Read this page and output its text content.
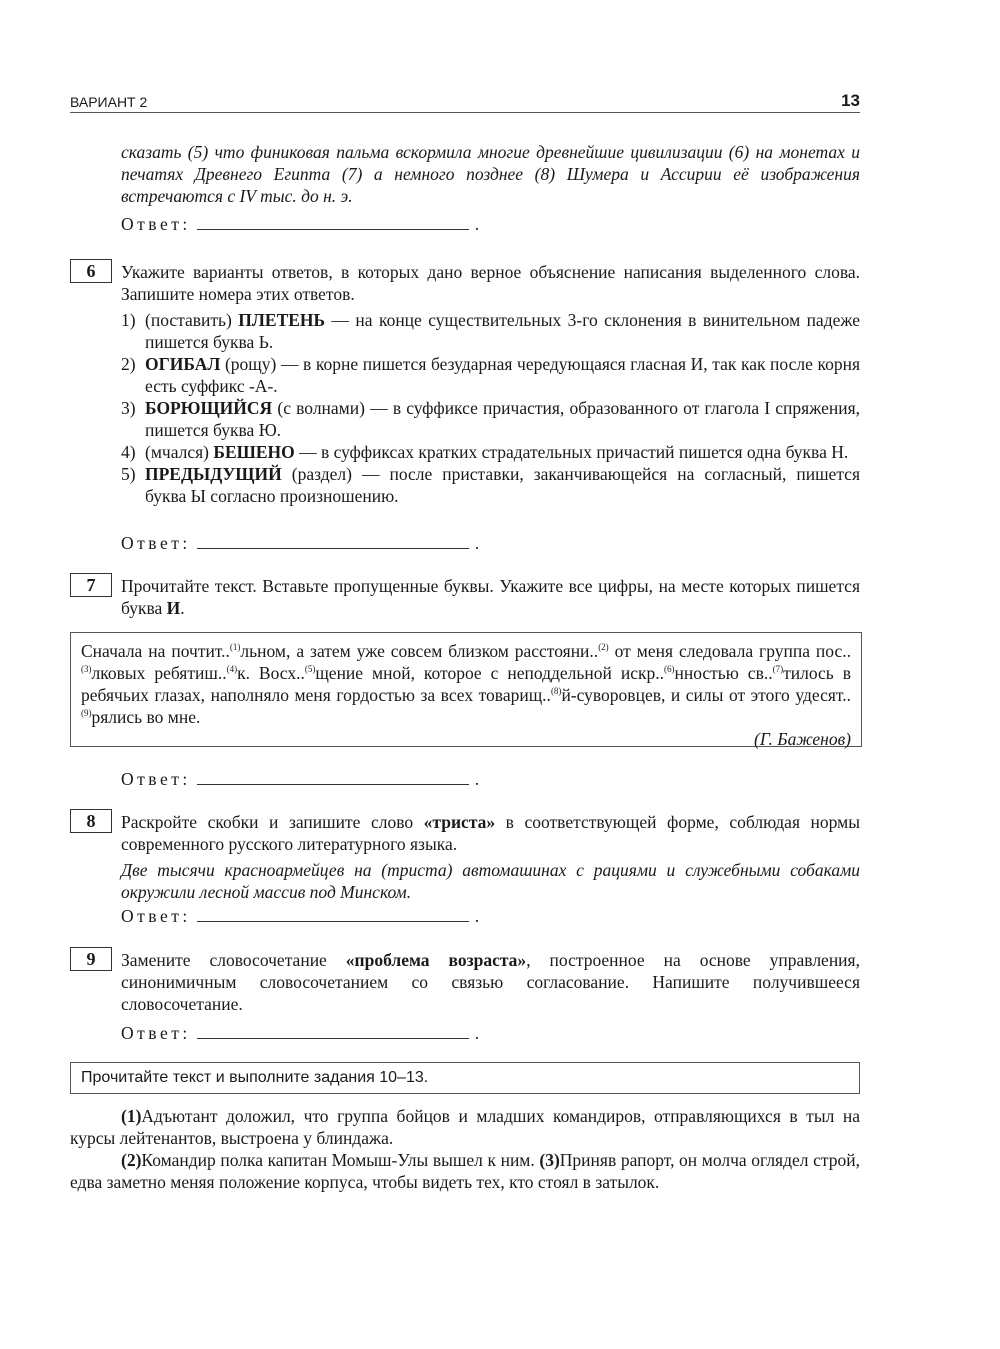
ВАРИАНТ 2	13
сказать (5) что финиковая пальма вскормила многие древнейшие цивилизации (6) на монетах и печатях Древнего Египта (7) а немного позднее (8) Шумера и Ассирии её изображения встречаются с IV тыс. до н. э.
Ответ:	.
6	Укажите варианты ответов, в которых дано верное объяснение написания выделенного слова. Запишите номера этих ответов.
1) (поставить) ПЛЕТЕНЬ — на конце существительных 3-го склонения в винительном падеже пишется буква Ь.
2) ОГИБАЛ (рощу) — в корне пишется безударная чередующаяся гласная И, так как после корня есть суффикс -А-.
3) БОРЮЩИЙСЯ (с волнами) — в суффиксе причастия, образованного от глагола I спряжения, пишется буква Ю.
4) (мчался) БЕШЕНО — в суффиксах кратких страдательных причастий пишется одна буква Н.
5) ПРЕДЫДУЩИЙ (раздел) — после приставки, заканчивающейся на согласный, пишется буква Ы согласно произношению.
Ответ:	.
7	Прочитайте текст. Вставьте пропущенные буквы. Укажите все цифры, на месте которых пишется буква И.
Сначала на почтит..$^{(1)}$льном, а затем уже совсем близком расстояни..$^{(2)}$ от меня следовала группа пос..$^{(3)}$лковых ребятиш..$^{(4)}$к. Восх..$^{(5)}$щение мной, которое с неподдельной искр..$^{(6)}$нностью св..$^{(7)}$тилось в ребячьих глазах, наполняло меня гордостью за всех товарищ..$^{(8)}$й-суворовцев, и силы от этого удесят..$^{(9)}$рялись во мне.
(Г. Баженов)
Ответ:	.
8	Раскройте скобки и запишите слово «триста» в соответствующей форме, соблюдая нормы современного русского литературного языка.
Две тысячи красноармейцев на (триста) автомашинах с рациями и служебными собаками окружили лесной массив под Минском.
Ответ:	.
9	Замените словосочетание «проблема возраста», построенное на основе управления, синонимичным словосочетанием со связью согласование. Напишите получившееся словосочетание.
Ответ:	.
Прочитайте текст и выполните задания 10–13.
(1)Адъютант доложил, что группа бойцов и младших командиров, отправляющихся в тыл на курсы лейтенантов, выстроена у блиндажа.
(2)Командир полка капитан Момыш-Улы вышел к ним. (3)Приняв рапорт, он молча оглядел строй, едва заметно меняя положение корпуса, чтобы видеть тех, кто стоял в затылок.
